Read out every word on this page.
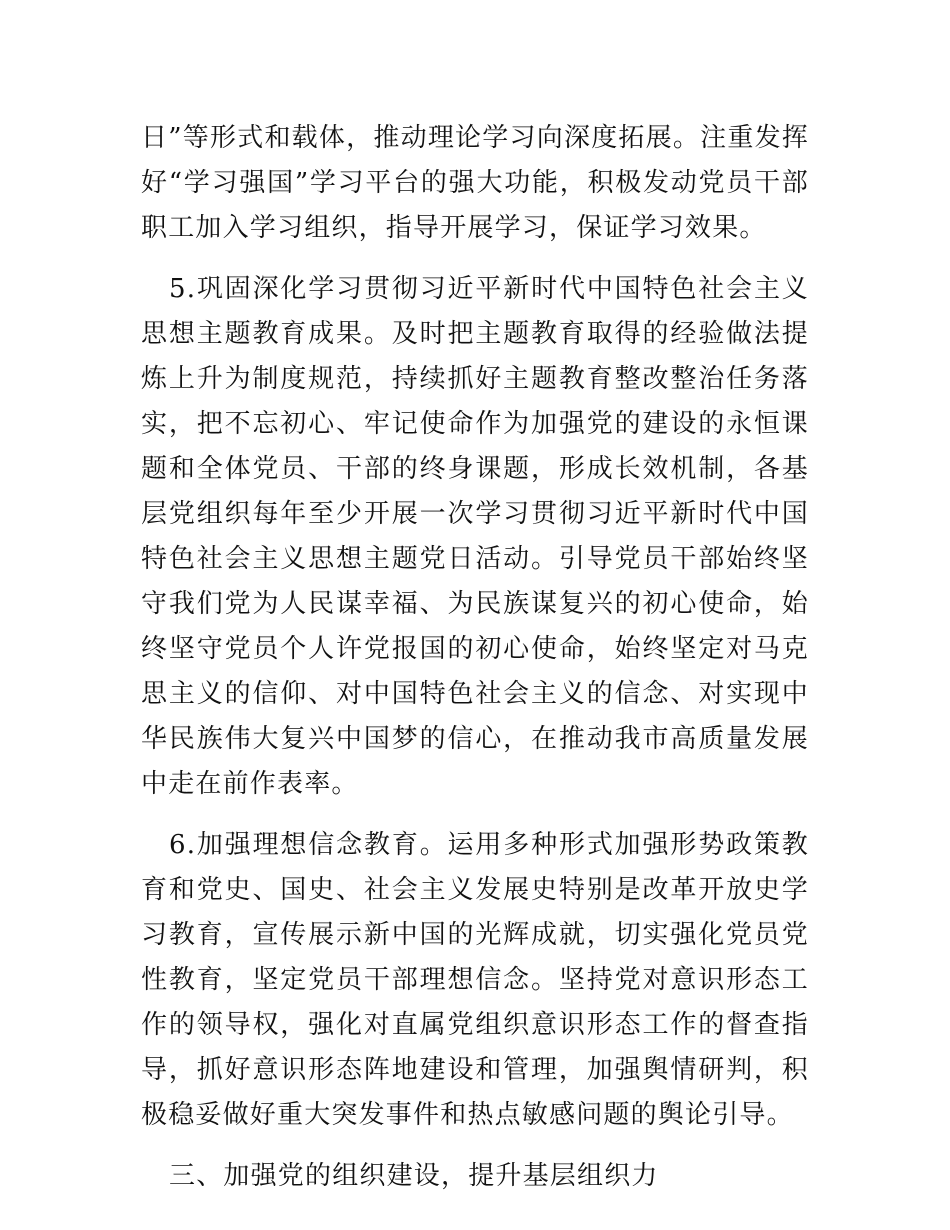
日”等形式和载体，推动理论学习向深度拓展。注重发挥好“学习强国”学习平台的强大功能，积极发动党员干部职工加入学习组织，指导开展学习，保证学习效果。

5.巩固深化学习贯彻习近平新时代中国特色社会主义思想主题教育成果。及时把主题教育取得的经验做法提炼上升为制度规范，持续抓好主题教育整改整治任务落实，把不忘初心、牢记使命作为加强党的建设的永恒课题和全体党员、干部的终身课题，形成长效机制，各基层党组织每年至少开展一次学习贯彻习近平新时代中国特色社会主义思想主题党日活动。引导党员干部始终坚守我们党为人民谋幸福、为民族谋复兴的初心使命，始终坚守党员个人许党报国的初心使命，始终坚定对马克思主义的信仰、对中国特色社会主义的信念、对实现中华民族伟大复兴中国梦的信心，在推动我市高质量发展中走在前作表率。

6.加强理想信念教育。运用多种形式加强形势政策教育和党史、国史、社会主义发展史特别是改革开放史学习教育，宣传展示新中国的光辉成就，切实强化党员党性教育，坚定党员干部理想信念。坚持党对意识形态工作的领导权，强化对直属党组织意识形态工作的督查指导，抓好意识形态阵地建设和管理，加强舆情研判，积极稳妥做好重大突发事件和热点敏感问题的舆论引导。

三、加强党的组织建设，提升基层组织力
